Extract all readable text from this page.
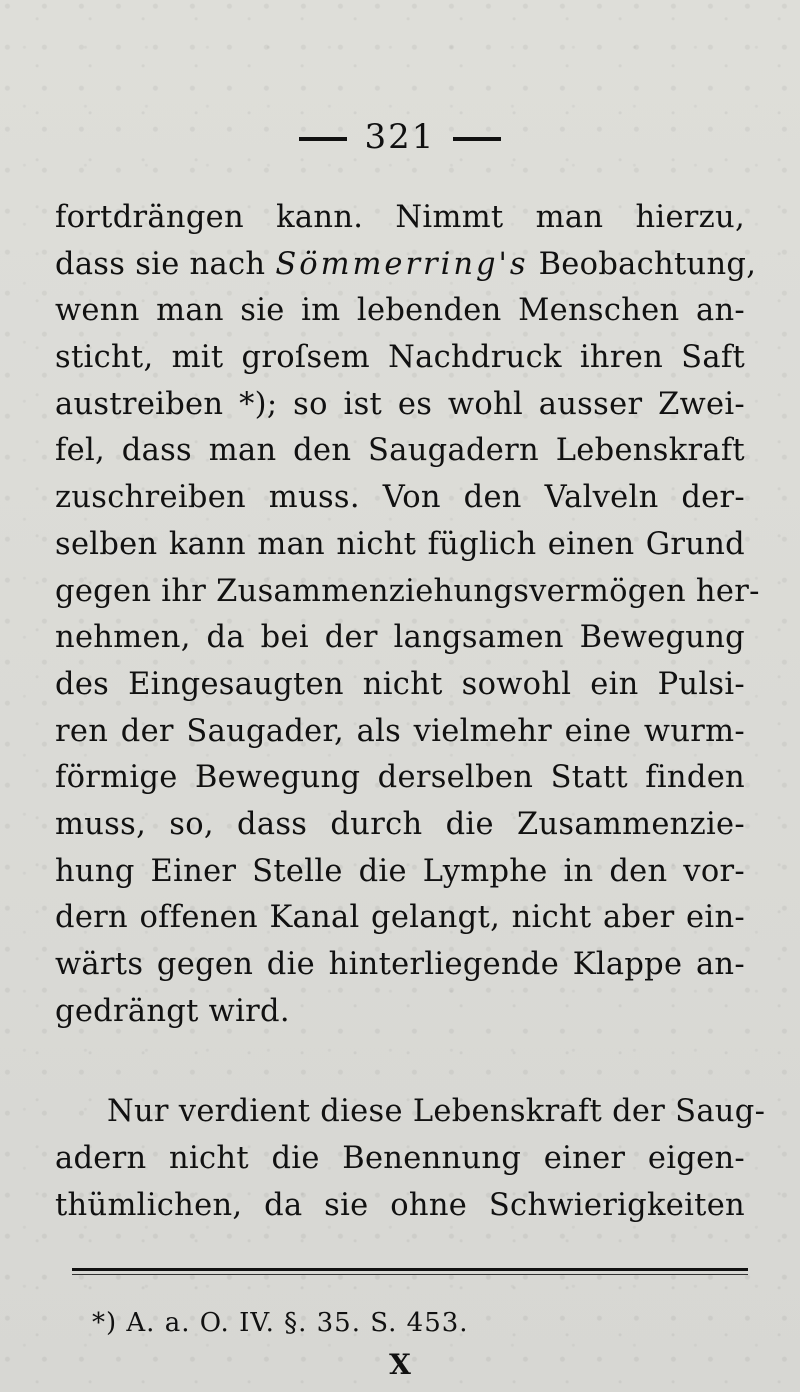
321
fortdrängen kann. Nimmt man hierzu,
dass sie nach Sömmerring's Beobachtung,
wenn man sie im lebenden Menschen an-
sticht, mit groſsem Nachdruck ihren Saft
austreiben *); so ist es wohl ausser Zwei-
fel, dass man den Saugadern Lebenskraft
zuschreiben muss. Von den Valveln der-
selben kann man nicht füglich einen Grund
gegen ihr Zusammenziehungsvermögen her-
nehmen, da bei der langsamen Bewegung
des Eingesaugten nicht sowohl ein Pulsi-
ren der Saugader, als vielmehr eine wurm-
förmige Bewegung derselben Statt finden
muss, so, dass durch die Zusammenzie-
hung Einer Stelle die Lymphe in den vor-
dern offenen Kanal gelangt, nicht aber ein-
wärts gegen die hinterliegende Klappe an-
gedrängt wird.
Nur verdient diese Lebenskraft der Saug-
adern nicht die Benennung einer eigen-
thümlichen, da sie ohne Schwierigkeiten
*) A. a. O. IV. §. 35. S. 453.
X
